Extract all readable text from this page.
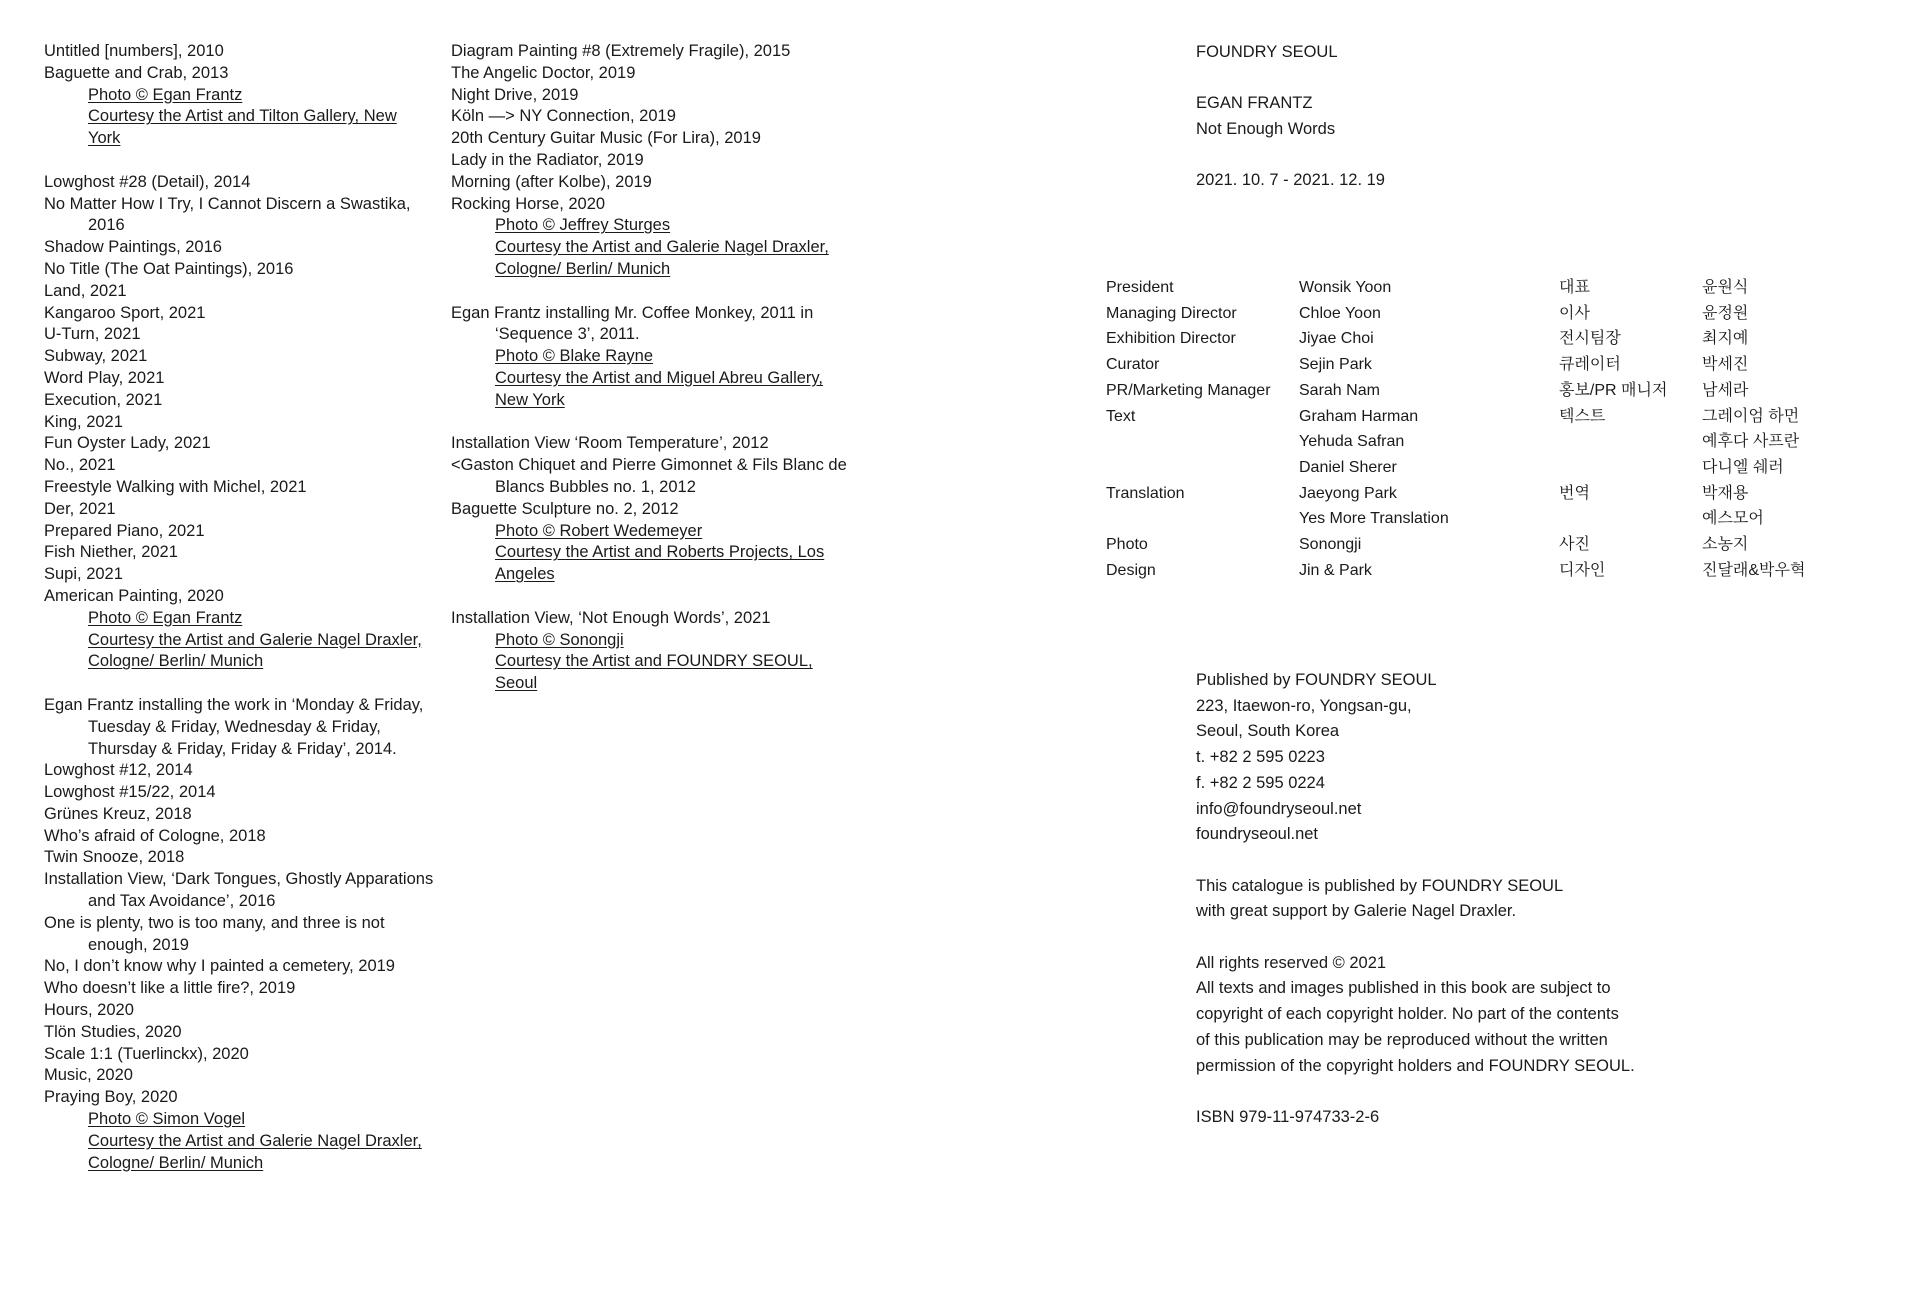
Untitled [numbers], 2010
Baguette and Crab, 2013
Photo © Egan Frantz
Courtesy the Artist and Tilton Gallery, New
York
Lowghost #28 (Detail), 2014
No Matter How I Try, I Cannot Discern a Swastika, 2016
Shadow Paintings, 2016
No Title (The Oat Paintings), 2016
Land, 2021
Kangaroo Sport, 2021
U-Turn, 2021
Subway, 2021
Word Play, 2021
Execution, 2021
King, 2021
Fun Oyster Lady, 2021
No., 2021
Freestyle Walking with Michel, 2021
Der, 2021
Prepared Piano, 2021
Fish Niether, 2021
Supi, 2021
American Painting, 2020
Photo © Egan Frantz
Courtesy the Artist and Galerie Nagel Draxler,
Cologne/ Berlin/ Munich
Egan Frantz installing the work in ‘Monday & Friday, Tuesday & Friday, Wednesday & Friday, Thursday & Friday, Friday & Friday’, 2014.
Lowghost #12, 2014
Lowghost #15/22, 2014
Grünes Kreuz, 2018
Who’s afraid of Cologne, 2018
Twin Snooze, 2018
Installation View, ‘Dark Tongues, Ghostly Apparations and Tax Avoidance’, 2016
One is plenty, two is too many, and three is not enough, 2019
No, I don’t know why I painted a cemetery, 2019
Who doesn’t like a little fire?, 2019
Hours, 2020
Tlön Studies, 2020
Scale 1:1 (Tuerlinckx), 2020
Music, 2020
Praying Boy, 2020
Photo © Simon Vogel
Courtesy the Artist and Galerie Nagel Draxler,
Cologne/ Berlin/ Munich
Diagram Painting #8 (Extremely Fragile), 2015
The Angelic Doctor, 2019
Night Drive, 2019
Köln —> NY Connection, 2019
20th Century Guitar Music (For Lira), 2019
Lady in the Radiator, 2019
Morning (after Kolbe), 2019
Rocking Horse, 2020
Photo © Jeffrey Sturges
Courtesy the Artist and Galerie Nagel Draxler,
Cologne/ Berlin/ Munich
Egan Frantz installing Mr. Coffee Monkey, 2011 in ‘Sequence 3’, 2011.
Photo © Blake Rayne
Courtesy the Artist and Miguel Abreu Gallery,
New York
Installation View ‘Room Temperature’, 2012
<Gaston Chiquet and Pierre Gimonnet & Fils Blanc de Blancs Bubbles no. 1, 2012
Baguette Sculpture no. 2, 2012
Photo © Robert Wedemeyer
Courtesy the Artist and Roberts Projects, Los
Angeles
Installation View, ‘Not Enough Words’, 2021
Photo © Sonongji
Courtesy the Artist and FOUNDRY SEOUL,
Seoul
FOUNDRY SEOUL
EGAN FRANTZ
Not Enough Words
2021. 10. 7 - 2021. 12. 19
President	Wonsik Yoon	대표	윤원식
Managing Director	Chloe Yoon	이사	윤정원
Exhibition Director	Jiyae Choi	전시팀장	최지예
Curator	Sejin Park	큐레이터	박세진
PR/Marketing Manager	Sarah Nam	홍보/PR 매니저	남세라
Text	Graham Harman	텍스트	그레이엄 하먼
	Yehuda Safran		예후다 사프란
	Daniel Sherer		다니엘 쉐러
Translation	Jaeyong Park	번역	박재용
	Yes More Translation		예스모어
Photo	Sonongji	사진	소농지
Design	Jin & Park	디자인	진달래&박우혁
Published by FOUNDRY SEOUL
223, Itaewon-ro, Yongsan-gu,
Seoul, South Korea
t. +82 2 595 0223
f. +82 2 595 0224
info@foundryseoul.net
foundryseoul.net
This catalogue is published by FOUNDRY SEOUL
with great support by Galerie Nagel Draxler.
All rights reserved © 2021
All texts and images published in this book are subject to
copyright of each copyright holder. No part of the contents
of this publication may be reproduced without the written
permission of the copyright holders and FOUNDRY SEOUL.
ISBN 979-11-974733-2-6
